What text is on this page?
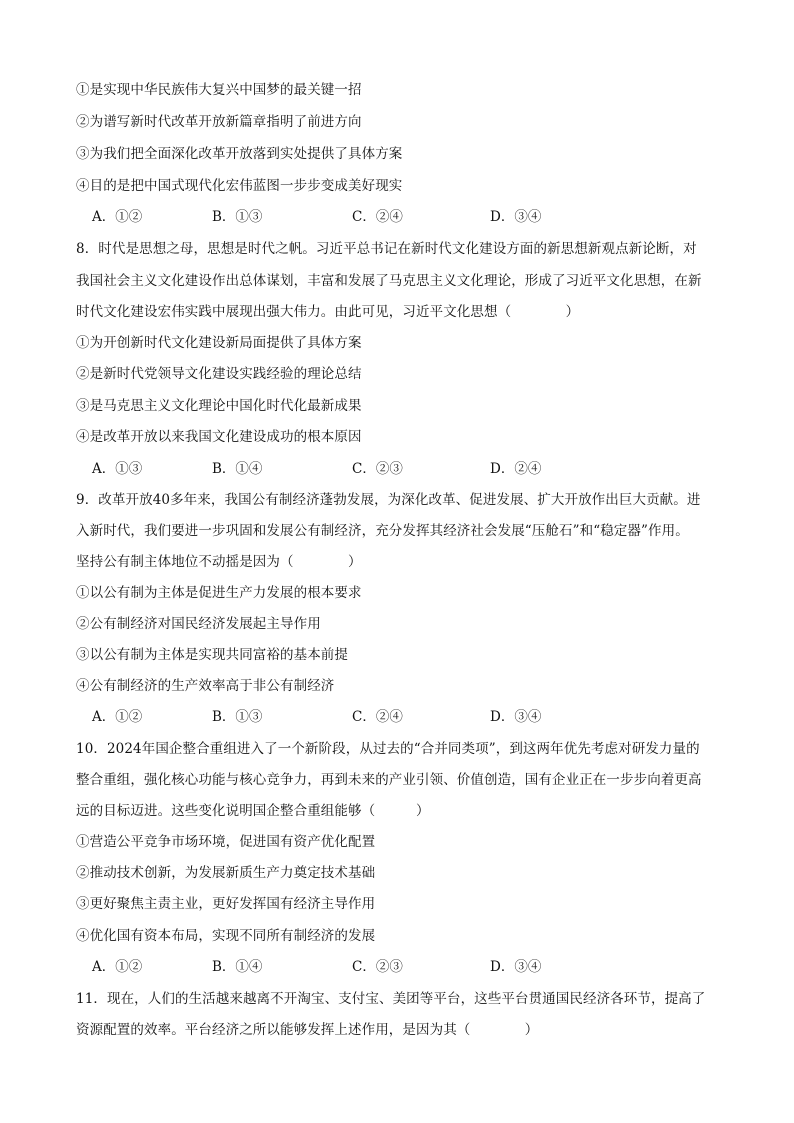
①是实现中华民族伟大复兴中国梦的最关键一招
②为谱写新时代改革开放新篇章指明了前进方向
③为我们把全面深化改革开放落到实处提供了具体方案
④目的是把中国式现代化宏伟蓝图一步步变成美好现实
A．①②	B．①③	C．②④	D．③④
8．时代是思想之母，思想是时代之帆。习近平总书记在新时代文化建设方面的新思想新观点新论断，对
我国社会主义文化建设作出总体谋划，丰富和发展了马克思主义文化理论，形成了习近平文化思想，在新
时代文化建设宏伟实践中展现出强大伟力。由此可见，习近平文化思想（　　　　）
①为开创新时代文化建设新局面提供了具体方案
②是新时代党领导文化建设实践经验的理论总结
③是马克思主义文化理论中国化时代化最新成果
④是改革开放以来我国文化建设成功的根本原因
A．①③	B．①④	C．②③	D．②④
9．改革开放40多年来，我国公有制经济蓬勃发展，为深化改革、促进发展、扩大开放作出巨大贡献。进
入新时代，我们要进一步巩固和发展公有制经济，充分发挥其经济社会发展“压舱石”和“稳定器”作用。
坚持公有制主体地位不动摇是因为（　　　　）
①以公有制为主体是促进生产力发展的根本要求
②公有制经济对国民经济发展起主导作用
③以公有制为主体是实现共同富裕的基本前提
④公有制经济的生产效率高于非公有制经济
A．①②	B．①③	C．②④	D．③④
10．2024年国企整合重组进入了一个新阶段，从过去的“合并同类项”，到这两年优先考虑对研发力量的
整合重组，强化核心功能与核心竞争力，再到未来的产业引领、价值创造，国有企业正在一步步向着更高
远的目标迈进。这些变化说明国企整合重组能够（　　　）
①营造公平竞争市场环境，促进国有资产优化配置
②推动技术创新，为发展新质生产力奠定技术基础
③更好聚焦主责主业，更好发挥国有经济主导作用
④优化国有资本布局，实现不同所有制经济的发展
A．①②	B．①④	C．②③	D．③④
11．现在，人们的生活越来越离不开淘宝、支付宝、美团等平台，这些平台贯通国民经济各环节，提高了
资源配置的效率。平台经济之所以能够发挥上述作用，是因为其（　　　　）
